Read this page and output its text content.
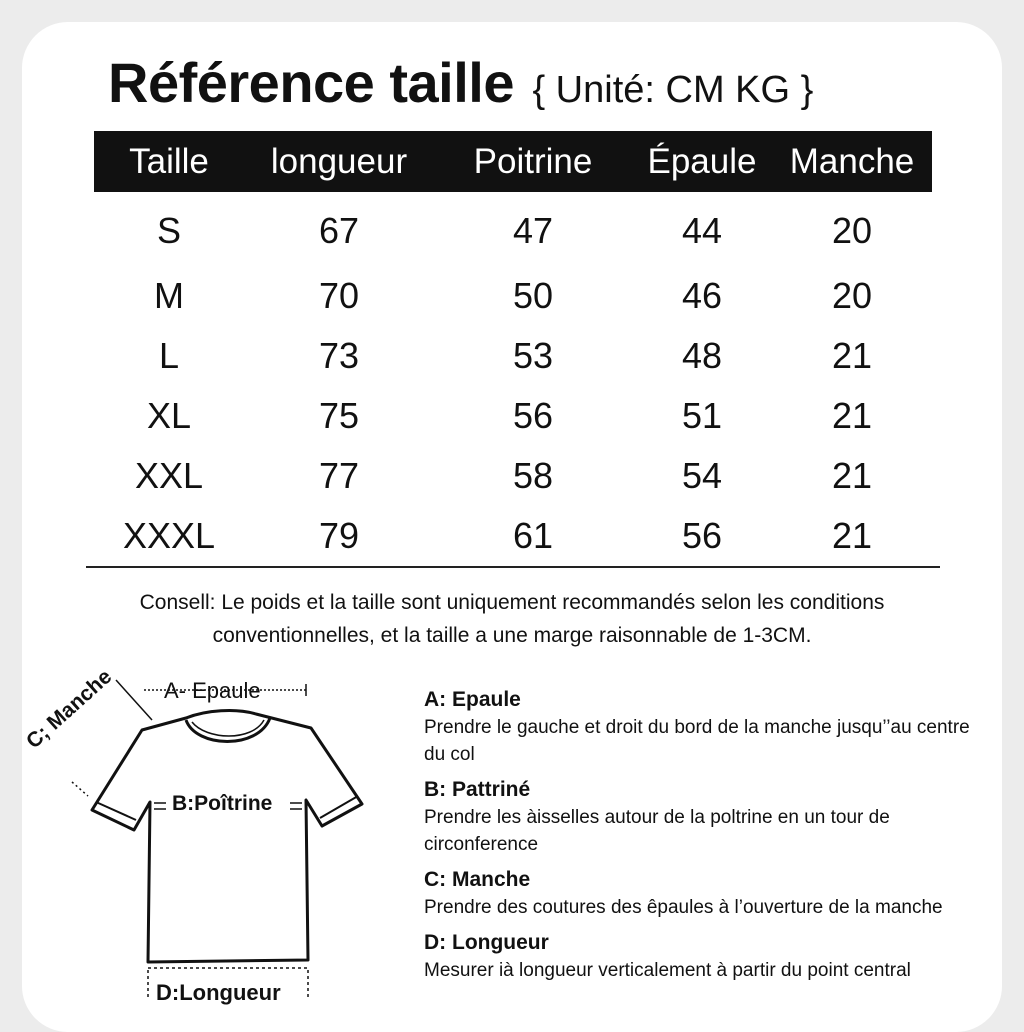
Référence taille { Unité: CM KG }
Taille	longueur	Poitrine	Épaule	Manche
S	67	47	44	20
M	70	50	46	20
L	73	53	48	21
XL	75	56	51	21
XXL	77	58	54	21
XXXL	79	61	56	21
Consell: Le poids et la taille sont uniquement recommandés selon les conditions conventionnelles, et la taille a une marge raisonnable de 1-3CM.
A- Epaule
C; Manche
B:Poîtrine
D:Longueur
A: Epaule
Prendre le gauche et droit du bord de la manche jusqu’’au centre du col
B: Pattriné
Prendre les àisselles autour de la poltrine en un tour de circonference
C: Manche
Prendre des coutures des êpaules à l’ouverture de la manche
D: Longueur
Mesurer ià longueur verticalement à partir du point central
